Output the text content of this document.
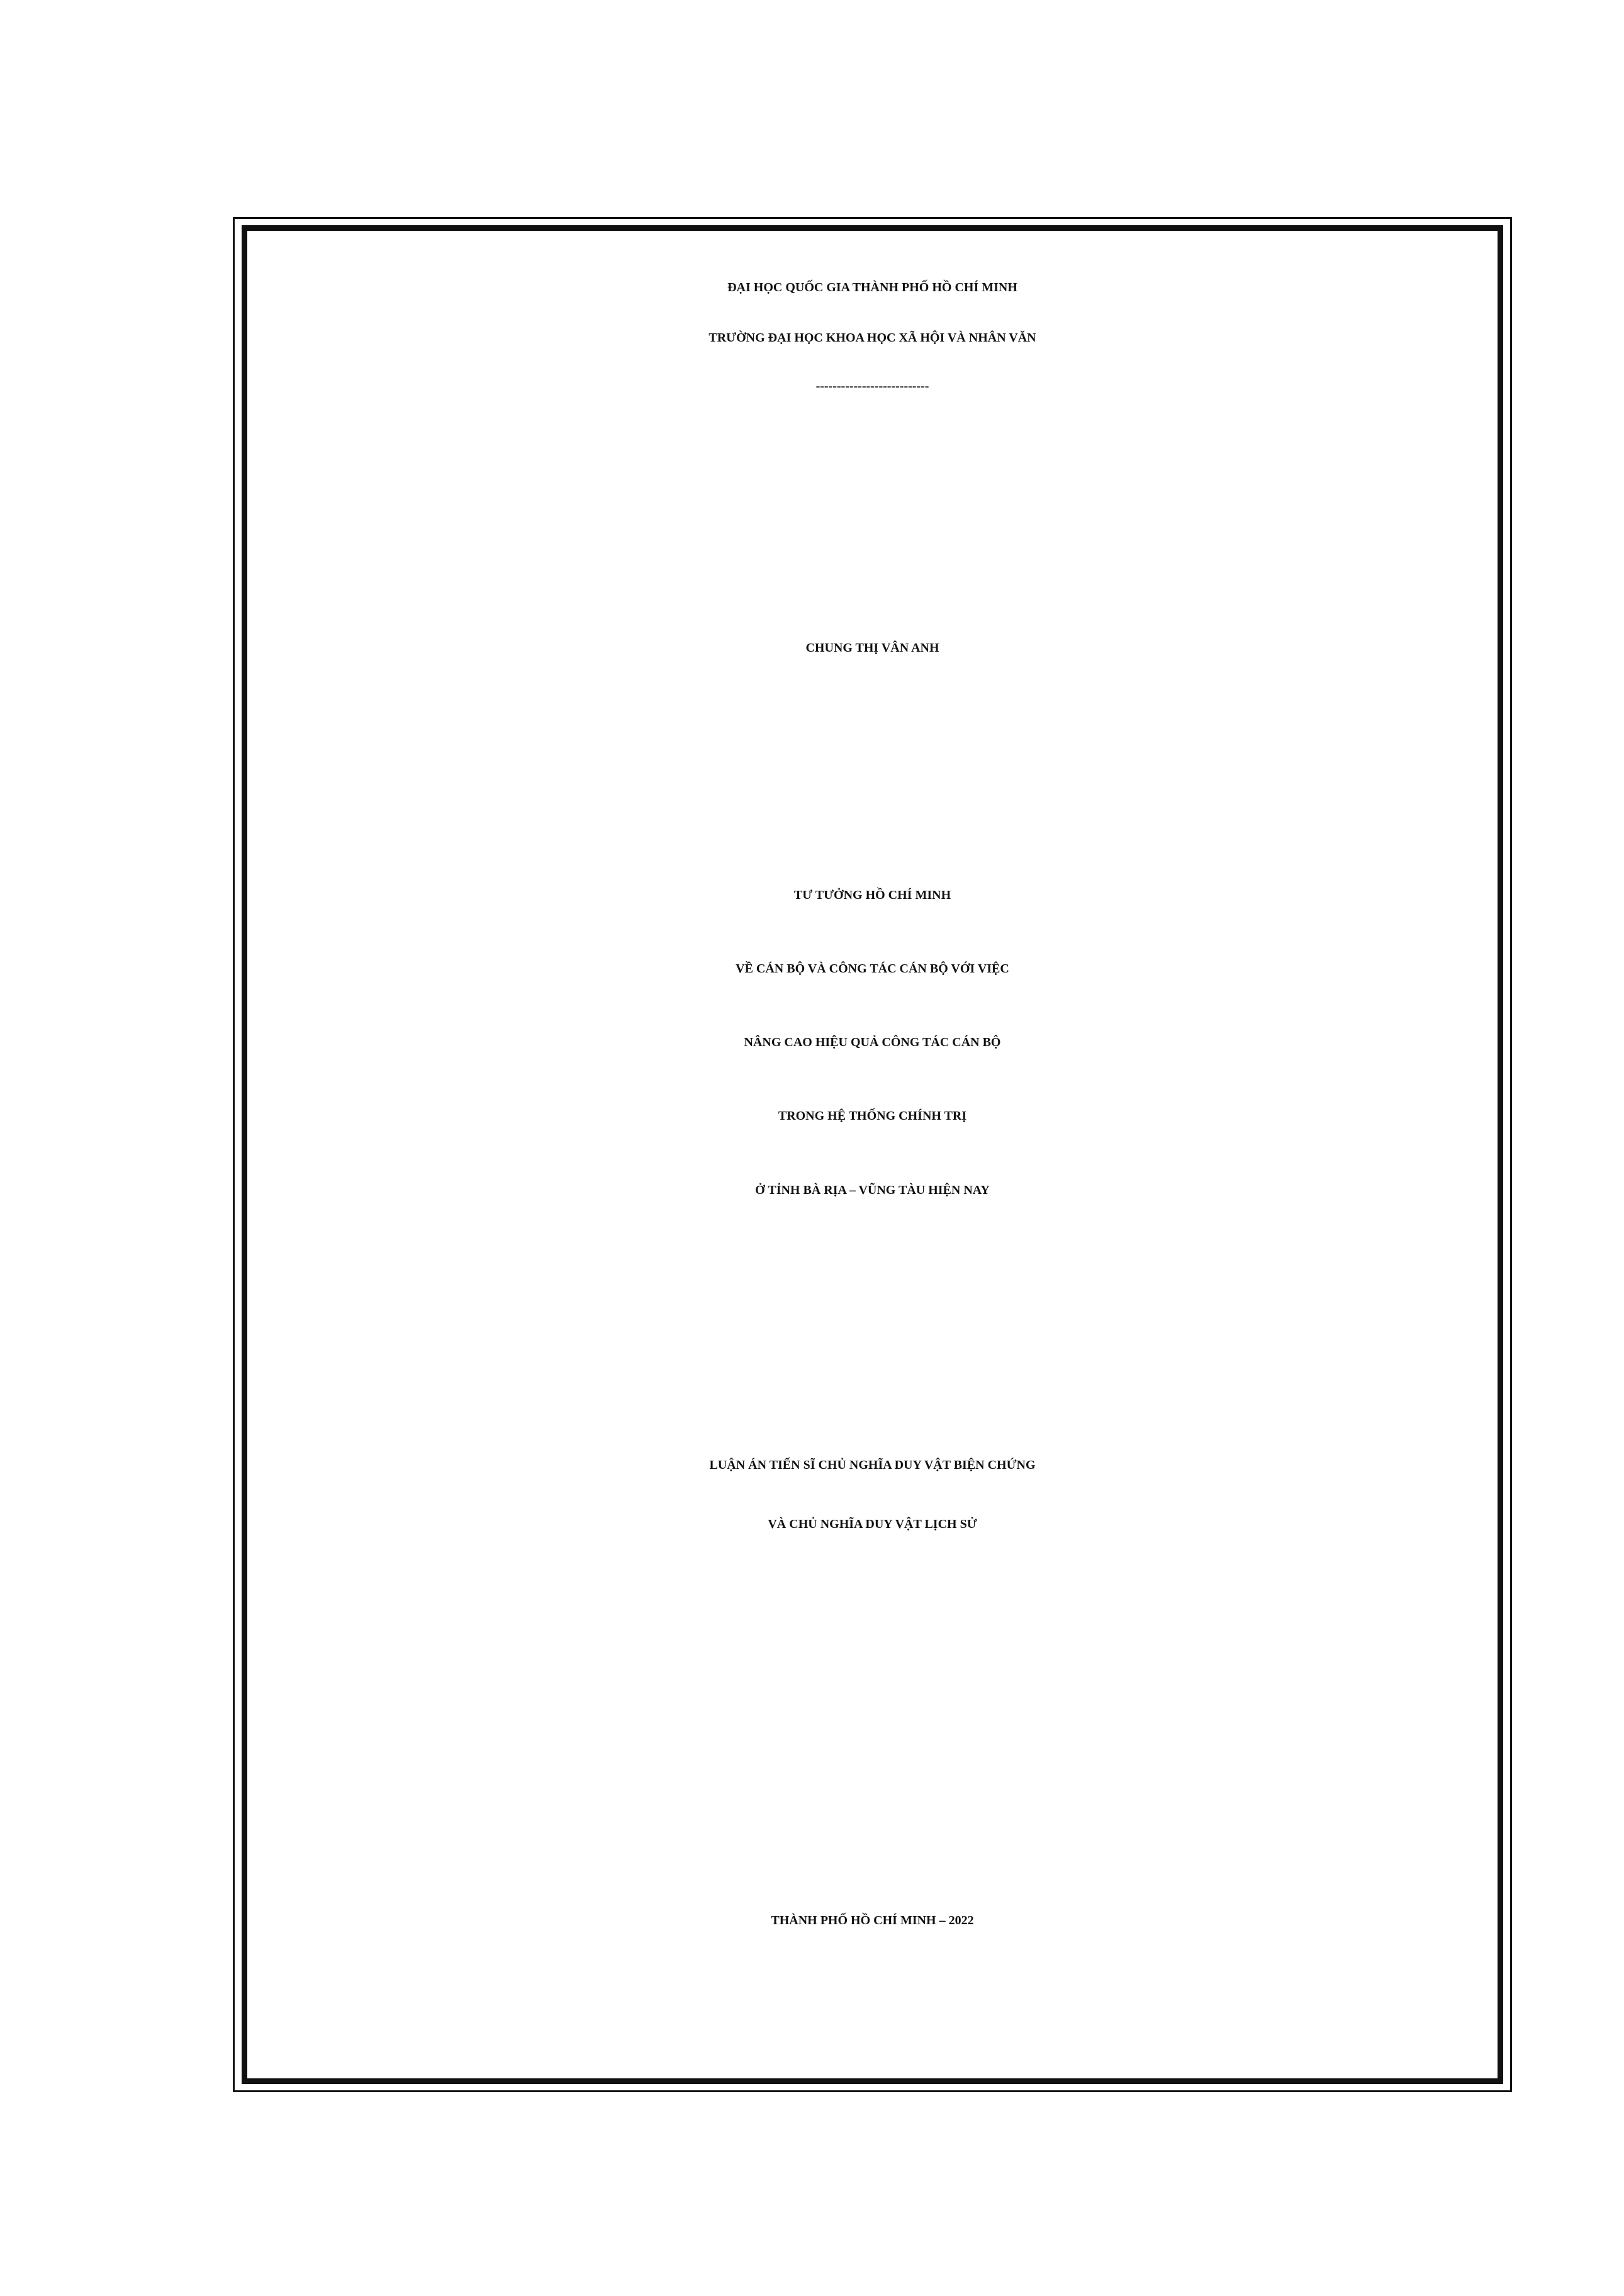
ĐẠI HỌC QUỐC GIA THÀNH PHỐ HỒ CHÍ MINH
TRƯỜNG ĐẠI HỌC KHOA HỌC XÃ HỘI VÀ NHÂN VĂN
---------------------------
CHUNG THỊ VÂN ANH
TƯ TƯỞNG HỒ CHÍ MINH
VỀ CÁN BỘ VÀ CÔNG TÁC CÁN BỘ VỚI VIỆC
NÂNG CAO HIỆU QUẢ CÔNG TÁC CÁN BỘ
TRONG HỆ THỐNG CHÍNH TRỊ
Ở TỈNH BÀ RỊA – VŨNG TÀU HIỆN NAY
LUẬN ÁN TIẾN SĨ CHỦ NGHĨA DUY VẬT BIỆN CHỨNG
VÀ CHỦ NGHĨA DUY VẬT LỊCH SỬ
THÀNH PHỐ HỒ CHÍ MINH – 2022
